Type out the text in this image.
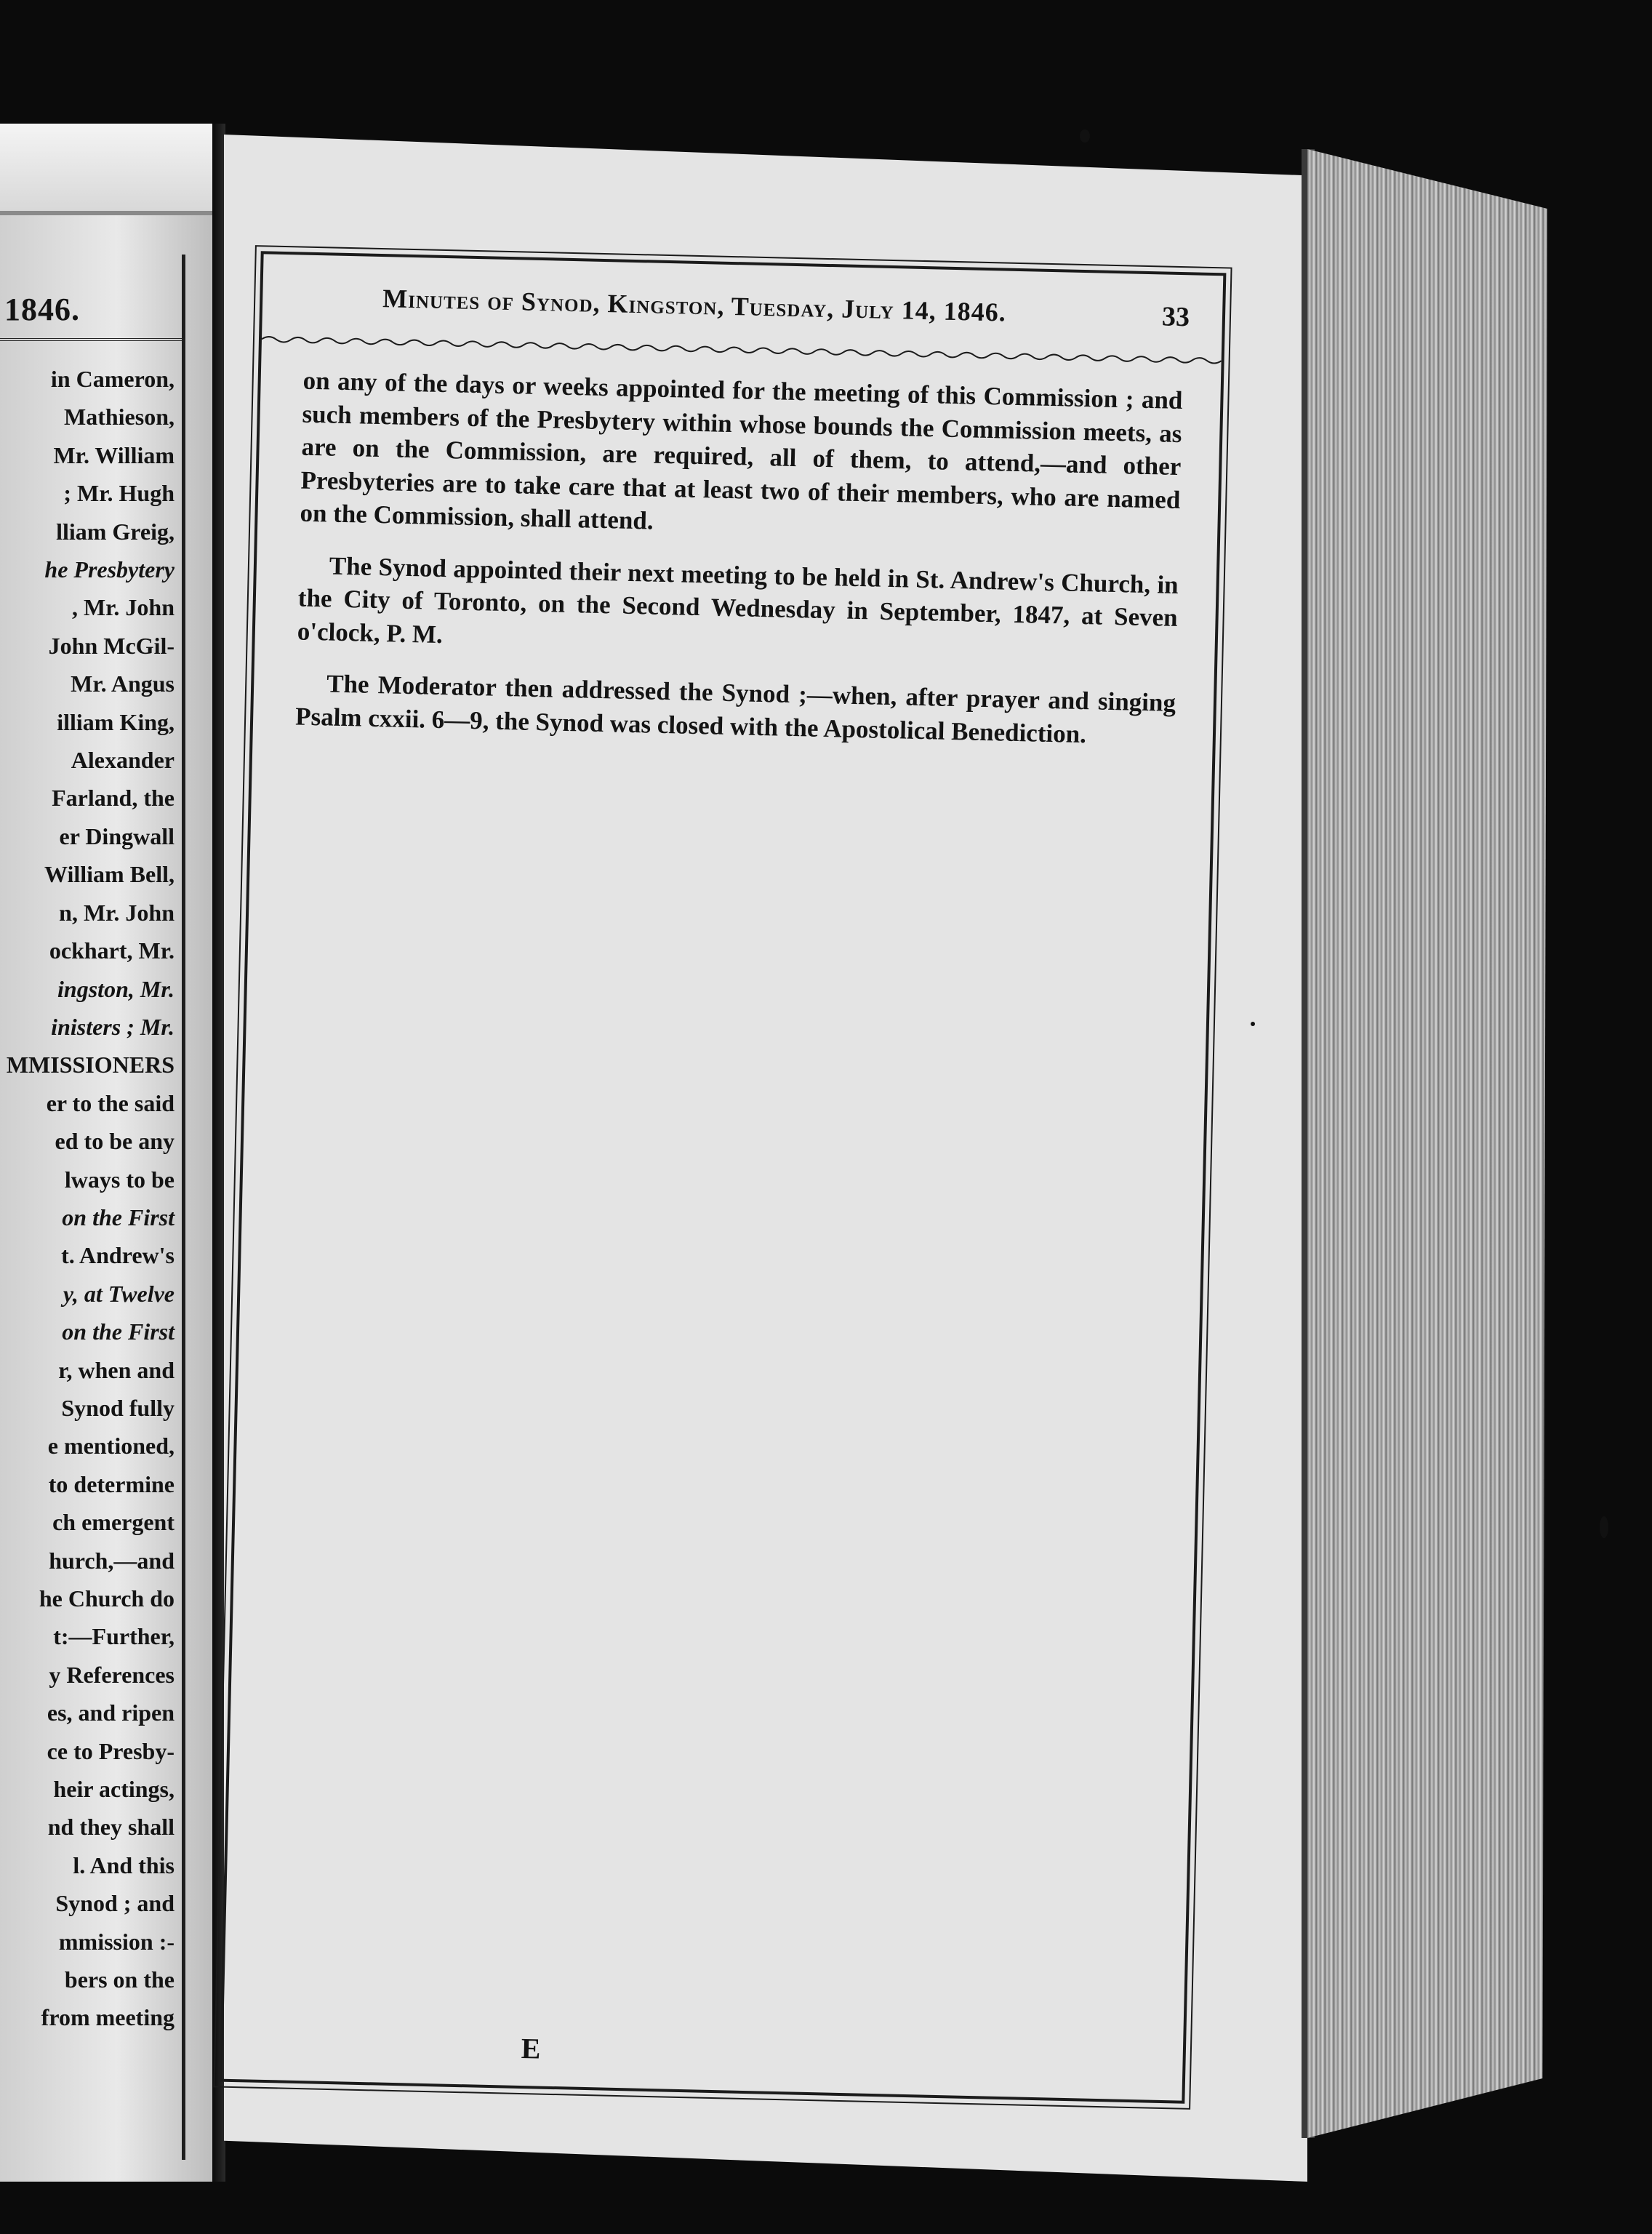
1846.
in Cameron,
Mathieson,
Mr. William
; Mr. Hugh
lliam Greig,
he Presbytery
, Mr. John
John McGil-
Mr. Angus
illiam King,
Alexander
Farland, the
er Dingwall
William Bell,
n, Mr. John
ockhart, Mr.
ingston, Mr.
inisters ; Mr.
MMISSIONERS
er to the said
ed to be any
lways to be
on the First
t. Andrew's
y, at Twelve
on the First
r, when and
Synod fully
e mentioned,
to determine
ch emergent
hurch,—and
he Church do
t:—Further,
y References
es, and ripen
ce to Presby-
heir actings,
nd they shall
l. And this
Synod ; and
mmission :-
bers on the
from meeting
Minutes of Synod, Kingston, Tuesday, July 14, 1846.	33

on any of the days or weeks appointed for the meeting of this Commission ; and such members of the Presbytery within whose bounds the Commission meets, as are on the Commission, are required, all of them, to attend,—and other Presbyteries are to take care that at least two of their members, who are named on the Commission, shall attend.

The Synod appointed their next meeting to be held in St. Andrew's Church, in the City of Toronto, on the Second Wednesday in September, 1847, at Seven o'clock, P. M.

The Moderator then addressed the Synod ;—when, after prayer and singing Psalm cxxii. 6—9, the Synod was closed with the Apostolical Benediction.

E
